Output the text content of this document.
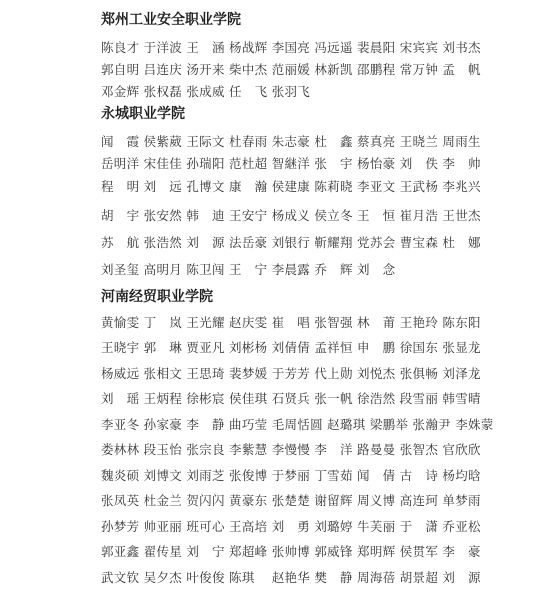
郑州工业安全职业学院
陈良才 于洋波 王　涵 杨战辉 李国亮 冯远遥 裴晨阳 宋宾宾 刘书杰
郭自明 吕连庆 汤开来 柴中杰 范丽媛 林新凯 邵鹏程 常万钟 孟　帆
邓金辉 张权磊 张成威 任　飞 张羽飞
永城职业学院
闻　霞 侯紫葳 王际文 杜春雨 朱志豪 杜　鑫 蔡真亮 王晓兰 周雨生
岳明洋 宋佳佳 孙瑞阳 范杜超 智継洋 张　宇 杨怡豪 刘　佚 李　帅
程　明 刘　远 孔博文 康　瀚 侯建康 陈莉晓 李亚文 王武杨 李兆兴
胡　宇 张安然 韩　迪 王安宁 杨成义 侯立冬 王　恒 崔月浩 王世杰
苏　航 张浩然 刘　源 法岳豪 刘银行 靳耀翔 党苏会 曹宝森 杜　娜
刘圣玺 高明月 陈卫闯 王　宁 李晨露 乔　辉 刘　念
河南经贸职业学院
黄愉雯 丁　岚 王光耀 赵庆雯 崔　唱 张智强 林　莆 王艳玲 陈东阳
王晓宇 郭　琳 贾亚凡 刘彬杨 刘倩倩 孟祥恒 申　鹏 徐国东 张显龙
杨威远 张相文 王思琦 裴梦媛 于芳芳 代上勋 刘悦杰 张俱畅 刘泽龙
刘　瑶 王炳程 徐彬宸 侯佳琪 石贤兵 张一帆 徐浩然 段雪丽 韩雪晴
李亚冬 孙家豪 李　静 曲巧莹 毛周恬圆 赵璐琪 梁鹏举 张瀚尹 李姝蒙
娄林林 段玉怡 张宗良 李紫慧 李慢慢 李　洋 路曼曼 张智杰 官欣欣
魏炎硕 刘博文 刘雨芝 张俊博 于梦丽 丁雪茹 闻　倩 古　诗 杨均晗
张凤英 杜金兰 贺闪闪 黄豪东 张楚楚 谢留辉 周义博 高连珂 单梦雨
孙梦芳 帅亚丽 班可心 王高培 刘　勇 刘璐婷 牛芙丽 于　潇 乔亚松
郭亚鑫 翟传星 刘　宁 郑超峰 张帅博 郭威锋 郑明辉 侯贯军 李　豪
武文钦 吴夕杰 叶俊俊 陈琪　 赵艳华 樊　静 周海蓓 胡景超 刘　源
